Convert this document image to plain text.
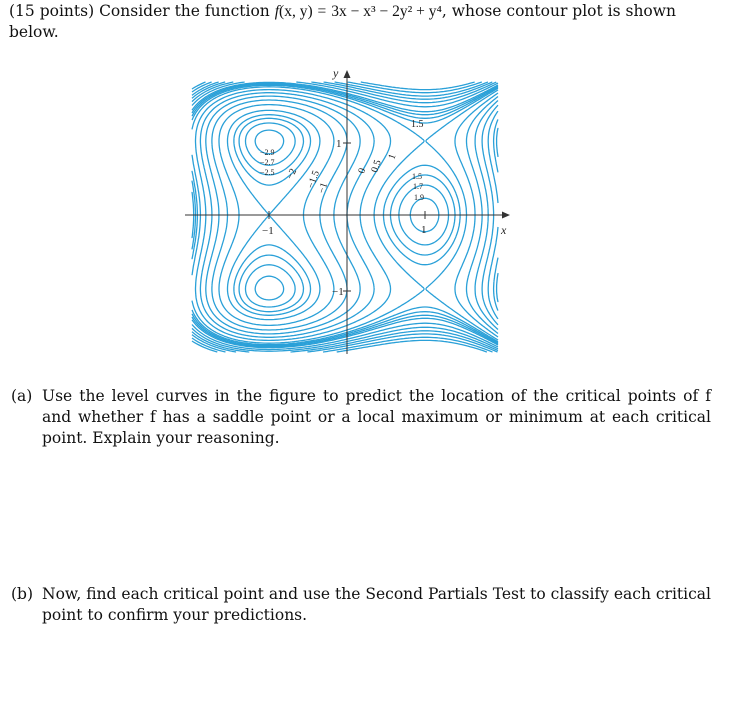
(15 points) Consider the function f(x, y) = 3x − x³ − 2y² + y⁴, whose contour plot is shown below.
y
x
−1	1
1
−1
−2.9
−2.7
−2.5 −2 −1.5
−1
0 0.5
1
1.5
1.7
1.9
1.5
(a) Use the level curves in the figure to predict the location of the critical points of f and whether f has a saddle point or a local maximum or minimum at each critical point. Explain your reasoning.
(b) Now, find each critical point and use the Second Partials Test to classify each critical point to confirm your predictions.
